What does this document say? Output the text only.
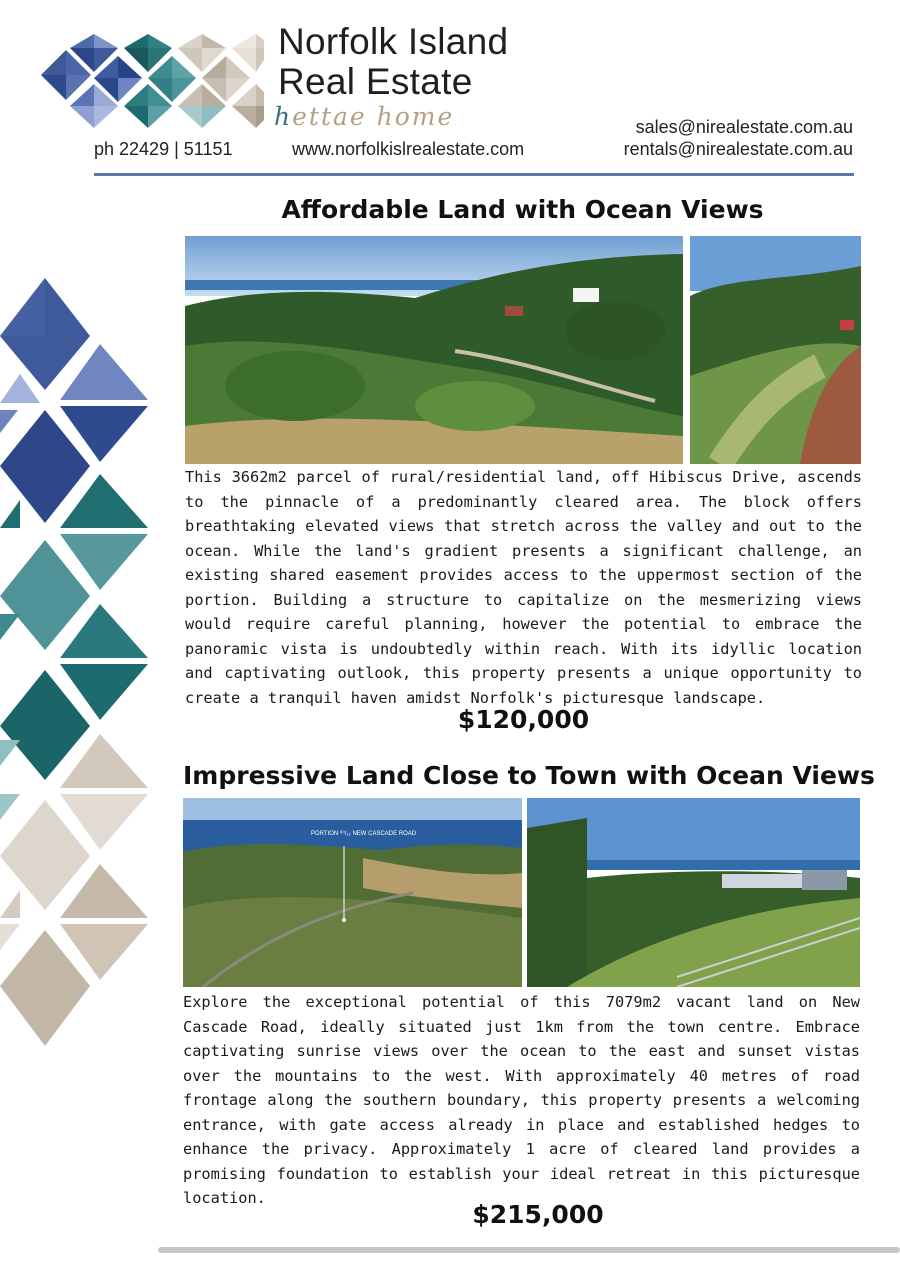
Norfolk Island
Real Estate
hettae home
ph 22429 | 51151	www.norfolkislrealestate.com
sales@nirealestate.com.au
rentals@nirealestate.com.au
Affordable Land with Ocean Views
This 3662m2 parcel of rural/residential land, off Hibiscus Drive, ascends to the pinnacle of a predominantly cleared area. The block offers breathtaking elevated views that stretch across the valley and out to the ocean. While the land's gradient presents a significant challenge, an existing shared easement provides access to the uppermost section of the portion. Building a structure to capitalize on the mesmerizing views would require careful planning, however the potential to embrace the panoramic vista is undoubtedly within reach. With its idyllic location and captivating outlook, this property presents a unique opportunity to create a tranquil haven amidst Norfolk's picturesque landscape.
$120,000
Impressive Land Close to Town with Ocean Views
PORTION ⁶⁰/₁₂ NEW CASCADE ROAD
Explore the exceptional potential of this 7079m2 vacant land on New Cascade Road, ideally situated just 1km from the town centre. Embrace captivating sunrise views over the ocean to the east and sunset vistas over the mountains to the west. With approximately 40 metres of road frontage along the southern boundary, this property presents a welcoming entrance, with gate access already in place and established hedges to enhance the privacy. Approximately 1 acre of cleared land provides a promising foundation to establish your ideal retreat in this picturesque location.
$215,000
